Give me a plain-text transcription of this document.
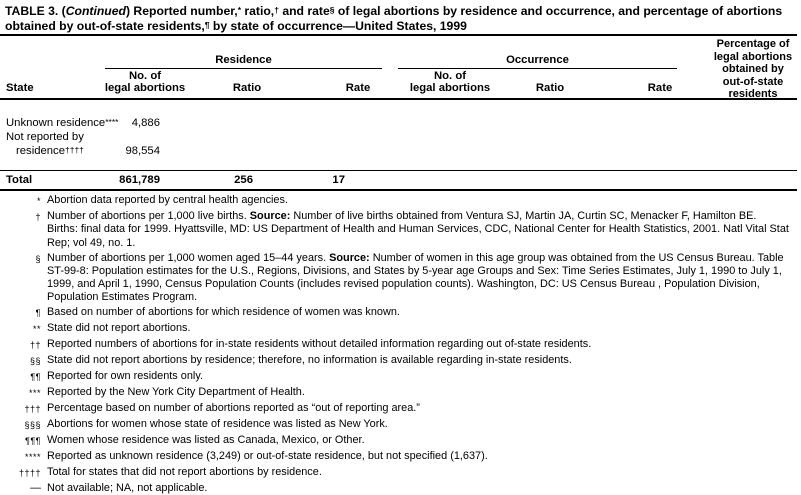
TABLE 3. (Continued) Reported number,* ratio,† and rate§ of legal abortions by residence and occurrence, and percentage of abortions obtained by out-of-state residents,¶ by state of occurrence—United States, 1999
Residence	Occurrence
State
No. of
legal abortions	Ratio	Rate
No. of
legal abortions	Ratio	Rate
Percentage of
legal abortions
obtained by
out-of-state
residents
Unknown residence****	4,886
Not reported by
residence††††	98,554
Total	861,789	256	17
* Abortion data reported by central health agencies.
† Number of abortions per 1,000 live births. Source: Number of live births obtained from Ventura SJ, Martin JA, Curtin SC, Menacker F, Hamilton BE. Births: final data for 1999. Hyattsville, MD: US Department of Health and Human Services, CDC, National Center for Health Statistics, 2001. Natl Vital Stat Rep; vol 49, no. 1.
§ Number of abortions per 1,000 women aged 15–44 years. Source: Number of women in this age group was obtained from the US Census Bureau. Table ST-99-8: Population estimates for the U.S., Regions, Divisions, and States by 5-year age Groups and Sex: Time Series Estimates, July 1, 1990 to July 1, 1999, and April 1, 1990, Census Population Counts (includes revised population counts). Washington, DC: US Census Bureau , Population Division, Population Estimates Program.
¶ Based on number of abortions for which residence of women was known.
** State did not report abortions.
†† Reported numbers of abortions for in-state residents without detailed information regarding out of-state residents.
§§ State did not report abortions by residence; therefore, no information is available regarding in-state residents.
¶¶ Reported for own residents only.
*** Reported by the New York City Department of Health.
††† Percentage based on number of abortions reported as “out of reporting area.”
§§§ Abortions for women whose state of residence was listed as New York.
¶¶¶ Women whose residence was listed as Canada, Mexico, or Other.
**** Reported as unknown residence (3,249) or out-of-state residence, but not specified (1,637).
†††† Total for states that did not report abortions by residence.
— Not available; NA, not applicable.
